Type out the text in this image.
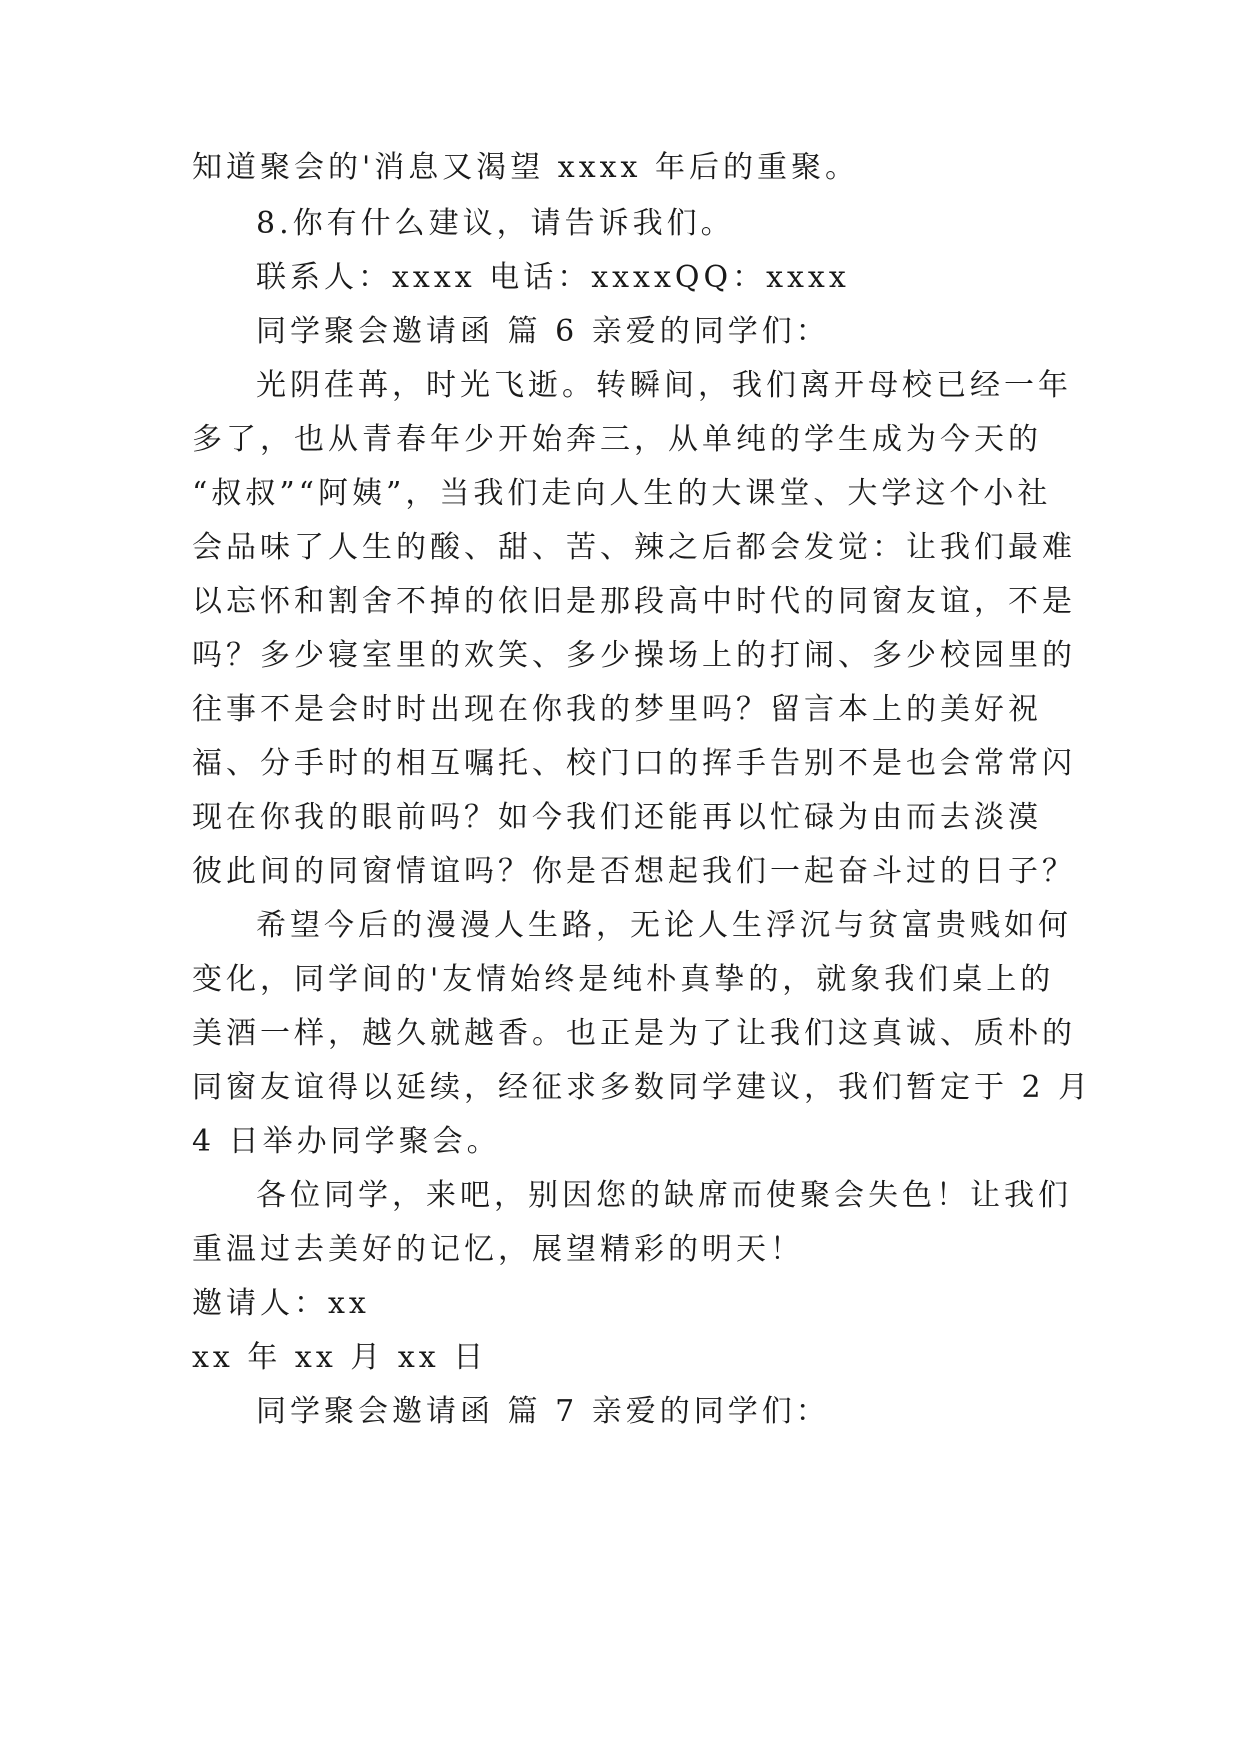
知道聚会的'消息又渴望 xxxx 年后的重聚。
8.你有什么建议，请告诉我们。
联系人：xxxx 电话：xxxxQQ：xxxx
同学聚会邀请函 篇 6 亲爱的同学们：
光阴荏苒，时光飞逝。转瞬间，我们离开母校已经一年
多了，也从青春年少开始奔三，从单纯的学生成为今天的
“叔叔”“阿姨”，当我们走向人生的大课堂、大学这个小社
会品味了人生的酸、甜、苦、辣之后都会发觉：让我们最难
以忘怀和割舍不掉的依旧是那段高中时代的同窗友谊，不是
吗？多少寝室里的欢笑、多少操场上的打闹、多少校园里的
往事不是会时时出现在你我的梦里吗？留言本上的美好祝
福、分手时的相互嘱托、校门口的挥手告别不是也会常常闪
现在你我的眼前吗？如今我们还能再以忙碌为由而去淡漠
彼此间的同窗情谊吗？你是否想起我们一起奋斗过的日子？
希望今后的漫漫人生路，无论人生浮沉与贫富贵贱如何
变化，同学间的'友情始终是纯朴真挚的，就象我们桌上的
美酒一样，越久就越香。也正是为了让我们这真诚、质朴的
同窗友谊得以延续，经征求多数同学建议，我们暂定于 2 月
4 日举办同学聚会。
各位同学，来吧，别因您的缺席而使聚会失色！让我们
重温过去美好的记忆，展望精彩的明天！
邀请人：xx
xx 年 xx 月 xx 日
同学聚会邀请函 篇 7 亲爱的同学们：
